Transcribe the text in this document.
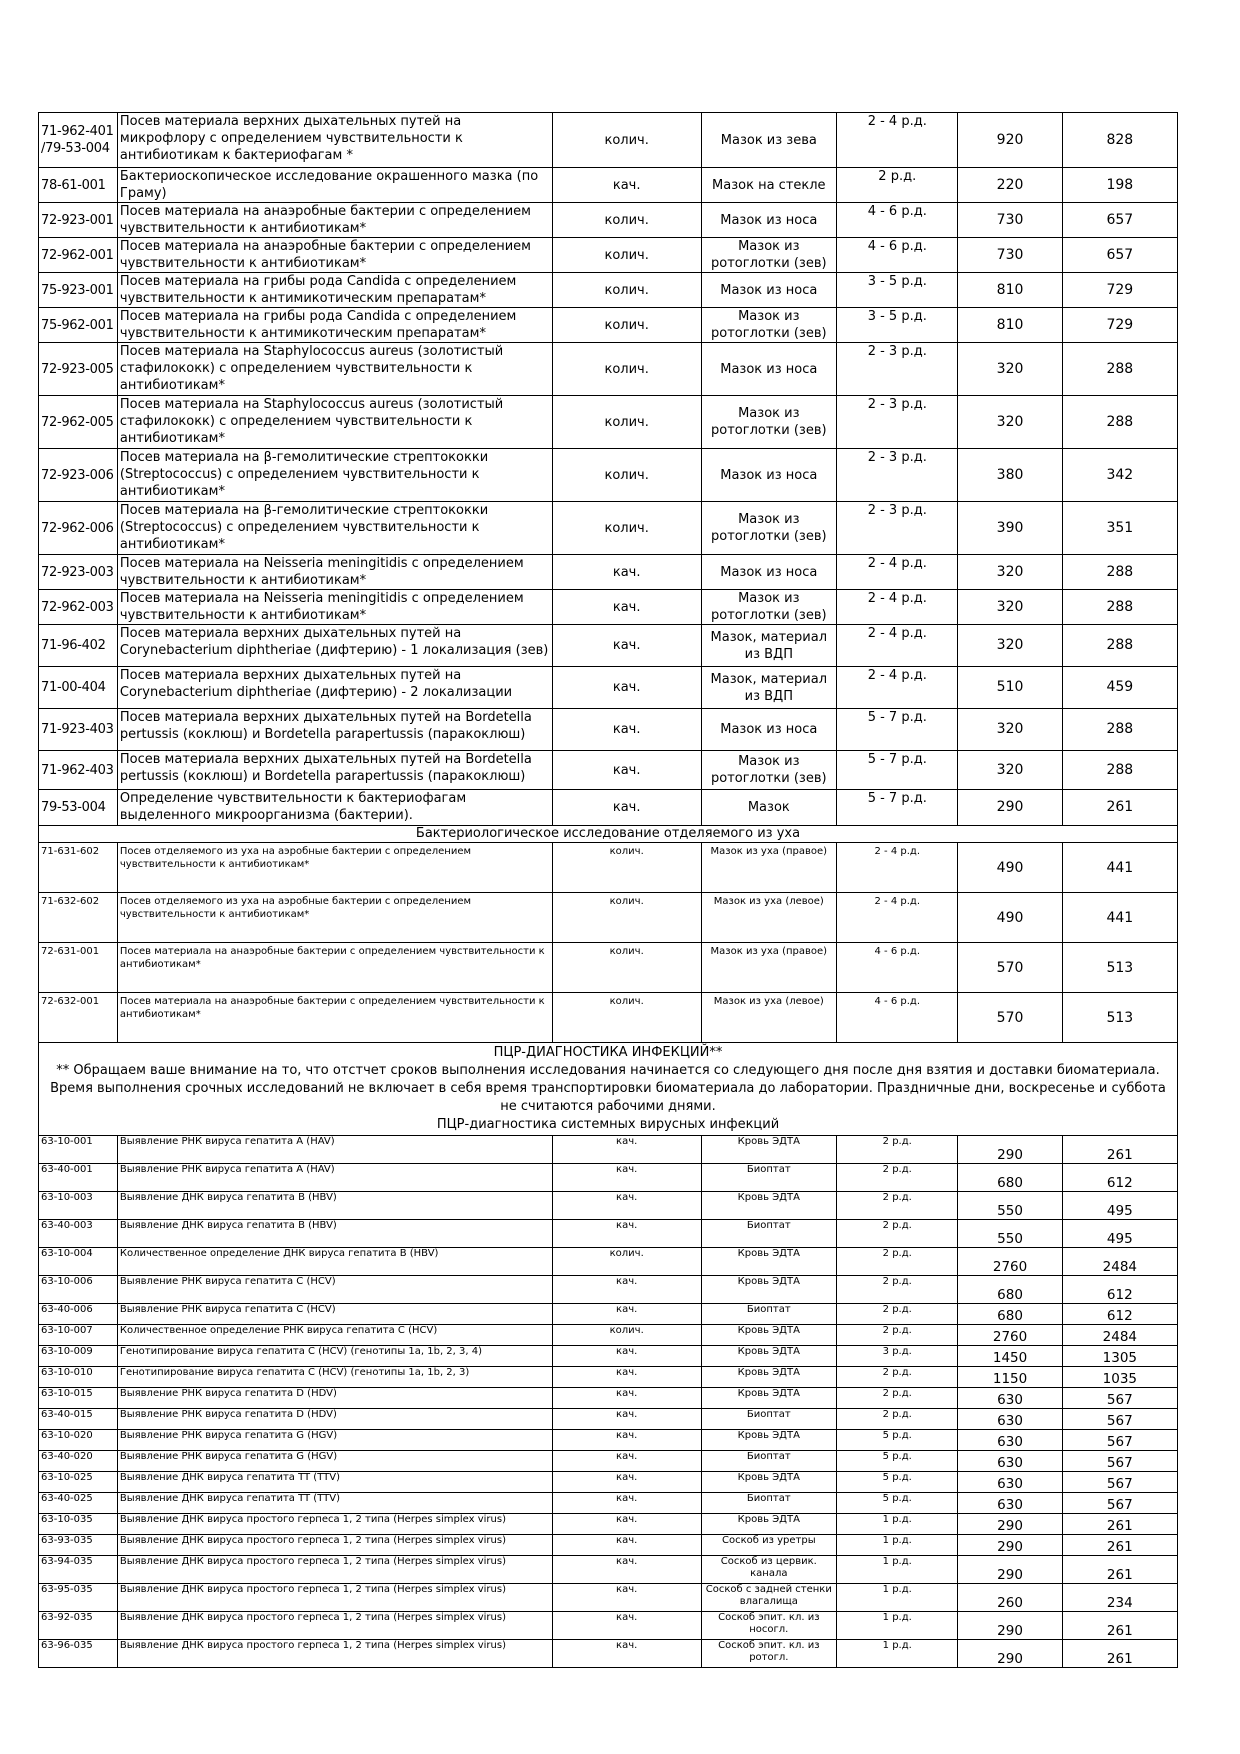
71-962-401 /79-53-004	Посев материала верхних дыхательных путей на микрофлору с определением чувствительности к антибиотикам к бактериофагам *	колич.	Мазок из зева	2 - 4 р.д.	920	828
78-61-001	Бактериоскопическое исследование окрашенного мазка (по Граму)	кач.	Мазок на стекле	2 р.д.	220	198
72-923-001	Посев материала на анаэробные бактерии с определением чувствительности к антибиотикам*	колич.	Мазок из носа	4 - 6 р.д.	730	657
72-962-001	Посев материала на анаэробные бактерии с определением чувствительности к антибиотикам*	колич.	Мазок из ротоглотки (зев)	4 - 6 р.д.	730	657
75-923-001	Посев материала на грибы рода Candida с определением чувствительности к антимикотическим препаратам*	колич.	Мазок из носа	3 - 5 р.д.	810	729
75-962-001	Посев материала на грибы рода Candida с определением чувствительности к антимикотическим препаратам*	колич.	Мазок из ротоглотки (зев)	3 - 5 р.д.	810	729
72-923-005	Посев материала на Staphylococcus aureus (золотистый стафилококк) с определением чувствительности к антибиотикам*	колич.	Мазок из носа	2 - 3 р.д.	320	288
72-962-005	Посев материала на Staphylococcus aureus (золотистый стафилококк) с определением чувствительности к антибиотикам*	колич.	Мазок из ротоглотки (зев)	2 - 3 р.д.	320	288
72-923-006	Посев материала на β-гемолитические стрептококки (Streptococcus) с определением чувствительности к антибиотикам*	колич.	Мазок из носа	2 - 3 р.д.	380	342
72-962-006	Посев материала на β-гемолитические стрептококки (Streptococcus) с определением чувствительности к антибиотикам*	колич.	Мазок из ротоглотки (зев)	2 - 3 р.д.	390	351
72-923-003	Посев материала на Neisseria meningitidis с определением чувствительности к антибиотикам*	кач.	Мазок из носа	2 - 4 р.д.	320	288
72-962-003	Посев материала на Neisseria meningitidis с определением чувствительности к антибиотикам*	кач.	Мазок из ротоглотки (зев)	2 - 4 р.д.	320	288
71-96-402	Посев материала верхних дыхательных путей на Corynebacterium diphtheriae (дифтерию) - 1 локализация (зев)	кач.	Мазок, материал из ВДП	2 - 4 р.д.	320	288
71-00-404	Посев материала верхних дыхательных путей на Corynebacterium diphtheriae (дифтерию) - 2 локализации	кач.	Мазок, материал из ВДП	2 - 4 р.д.	510	459
71-923-403	Посев материала верхних дыхательных путей на Bordetella pertussis (коклюш) и Bordetella parapertussis (паракоклюш)	кач.	Мазок из носа	5 - 7 р.д.	320	288
71-962-403	Посев материала верхних дыхательных путей на Bordetella pertussis (коклюш) и Bordetella parapertussis (паракоклюш)	кач.	Мазок из ротоглотки (зев)	5 - 7 р.д.	320	288
79-53-004	Определение чувствительности к бактериофагам выделенного микроорганизма (бактерии).	кач.	Мазок	5 - 7 р.д.	290	261
Бактериологическое исследование отделяемого из уха						
71-631-602	Посев отделяемого из уха на аэробные бактерии с определением чувствительности к антибиотикам*	колич.	Мазок из уха (правое)	2 - 4 р.д.	490	441
71-632-602	Посев отделяемого из уха на аэробные бактерии с определением чувствительности к антибиотикам*	колич.	Мазок из уха (левое)	2 - 4 р.д.	490	441
72-631-001	Посев материала на анаэробные бактерии с определением чувствительности к антибиотикам*	колич.	Мазок из уха (правое)	4 - 6 р.д.	570	513
72-632-001	Посев материала на анаэробные бактерии с определением чувствительности к антибиотикам*	колич.	Мазок из уха (левое)	4 - 6 р.д.	570	513

ПЦР-ДИАГНОСТИКА ИНФЕКЦИЙ**
** Обращаем ваше внимание на то, что отстчет сроков выполнения исследования начинается со следующего дня после дня взятия и доставки биоматериала. Время выполнения срочных исследований не включает в себя время транспортировки биоматериала до лаборатории. Праздничные дни, воскресенье и суббота не считаются рабочими днями.
ПЦР-диагностика системных вирусных инфекций						

63-10-001	Выявление РНК вируса гепатита А (HAV)	кач.	Кровь ЭДТА	2 р.д.	290	261
63-40-001	Выявление РНК вируса гепатита А (HAV)	кач.	Биоптат	2 р.д.	680	612
63-10-003	Выявление ДНК вируса гепатита В (HBV)	кач.	Кровь ЭДТА	2 р.д.	550	495
63-40-003	Выявление ДНК вируса гепатита В (HBV)	кач.	Биоптат	2 р.д.	550	495
63-10-004	Количественное определение ДНК вируса гепатита В (HBV)	колич.	Кровь ЭДТА	2 р.д.	2760	2484
63-10-006	Выявление РНК вируса гепатита С (HCV)	кач.	Кровь ЭДТА	2 р.д.	680	612
63-40-006	Выявление РНК вируса гепатита С (HCV)	кач.	Биоптат	2 р.д.	680	612
63-10-007	Количественное определение РНК вируса гепатита С (HCV)	колич.	Кровь ЭДТА	2 р.д.	2760	2484
63-10-009	Генотипирование вируса гепатита С (HCV) (генотипы 1a, 1b, 2, 3, 4)	кач.	Кровь ЭДТА	3 р.д.	1450	1305
63-10-010	Генотипирование вируса гепатита С (HCV) (генотипы 1a, 1b, 2, 3)	кач.	Кровь ЭДТА	2 р.д.	1150	1035
63-10-015	Выявление РНК вируса гепатита D (HDV)	кач.	Кровь ЭДТА	2 р.д.	630	567
63-40-015	Выявление РНК вируса гепатита D (HDV)	кач.	Биоптат	2 р.д.	630	567
63-10-020	Выявление РНК вируса гепатита G (HGV)	кач.	Кровь ЭДТА	5 р.д.	630	567
63-40-020	Выявление РНК вируса гепатита G (HGV)	кач.	Биоптат	5 р.д.	630	567
63-10-025	Выявление ДНК вируса гепатита TT (TTV)	кач.	Кровь ЭДТА	5 р.д.	630	567
63-40-025	Выявление ДНК вируса гепатита TT (TTV)	кач.	Биоптат	5 р.д.	630	567
63-10-035	Выявление ДНК вируса простого герпеса 1, 2 типа (Herpes simplex virus)	кач.	Кровь ЭДТА	1 р.д.	290	261
63-93-035	Выявление ДНК вируса простого герпеса 1, 2 типа (Herpes simplex virus)	кач.	Соскоб из уретры	1 р.д.	290	261
63-94-035	Выявление ДНК вируса простого герпеса 1, 2 типа (Herpes simplex virus)	кач.	Соскоб из цервик. канала	1 р.д.	290	261
63-95-035	Выявление ДНК вируса простого герпеса 1, 2 типа (Herpes simplex virus)	кач.	Соскоб с задней стенки влагалища	1 р.д.	260	234
63-92-035	Выявление ДНК вируса простого герпеса 1, 2 типа (Herpes simplex virus)	кач.	Соскоб эпит. кл. из носогл.	1 р.д.	290	261
63-96-035	Выявление ДНК вируса простого герпеса 1, 2 типа (Herpes simplex virus)	кач.	Соскоб эпит. кл. из ротогл.	1 р.д.	290	261
